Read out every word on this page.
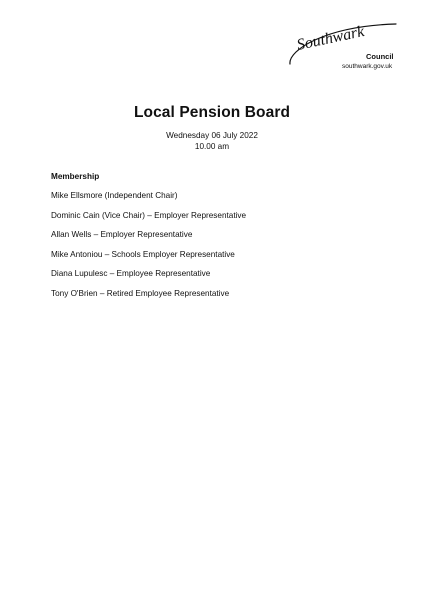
Southwark
Council
southwark.gov.uk
Local Pension Board
Wednesday 06 July 2022
10.00 am
Membership
Mike Ellsmore (Independent Chair)
Dominic Cain (Vice Chair) – Employer Representative
Allan Wells – Employer Representative
Mike Antoniou – Schools Employer Representative
Diana Lupulesc – Employee Representative
Tony O'Brien – Retired Employee Representative
